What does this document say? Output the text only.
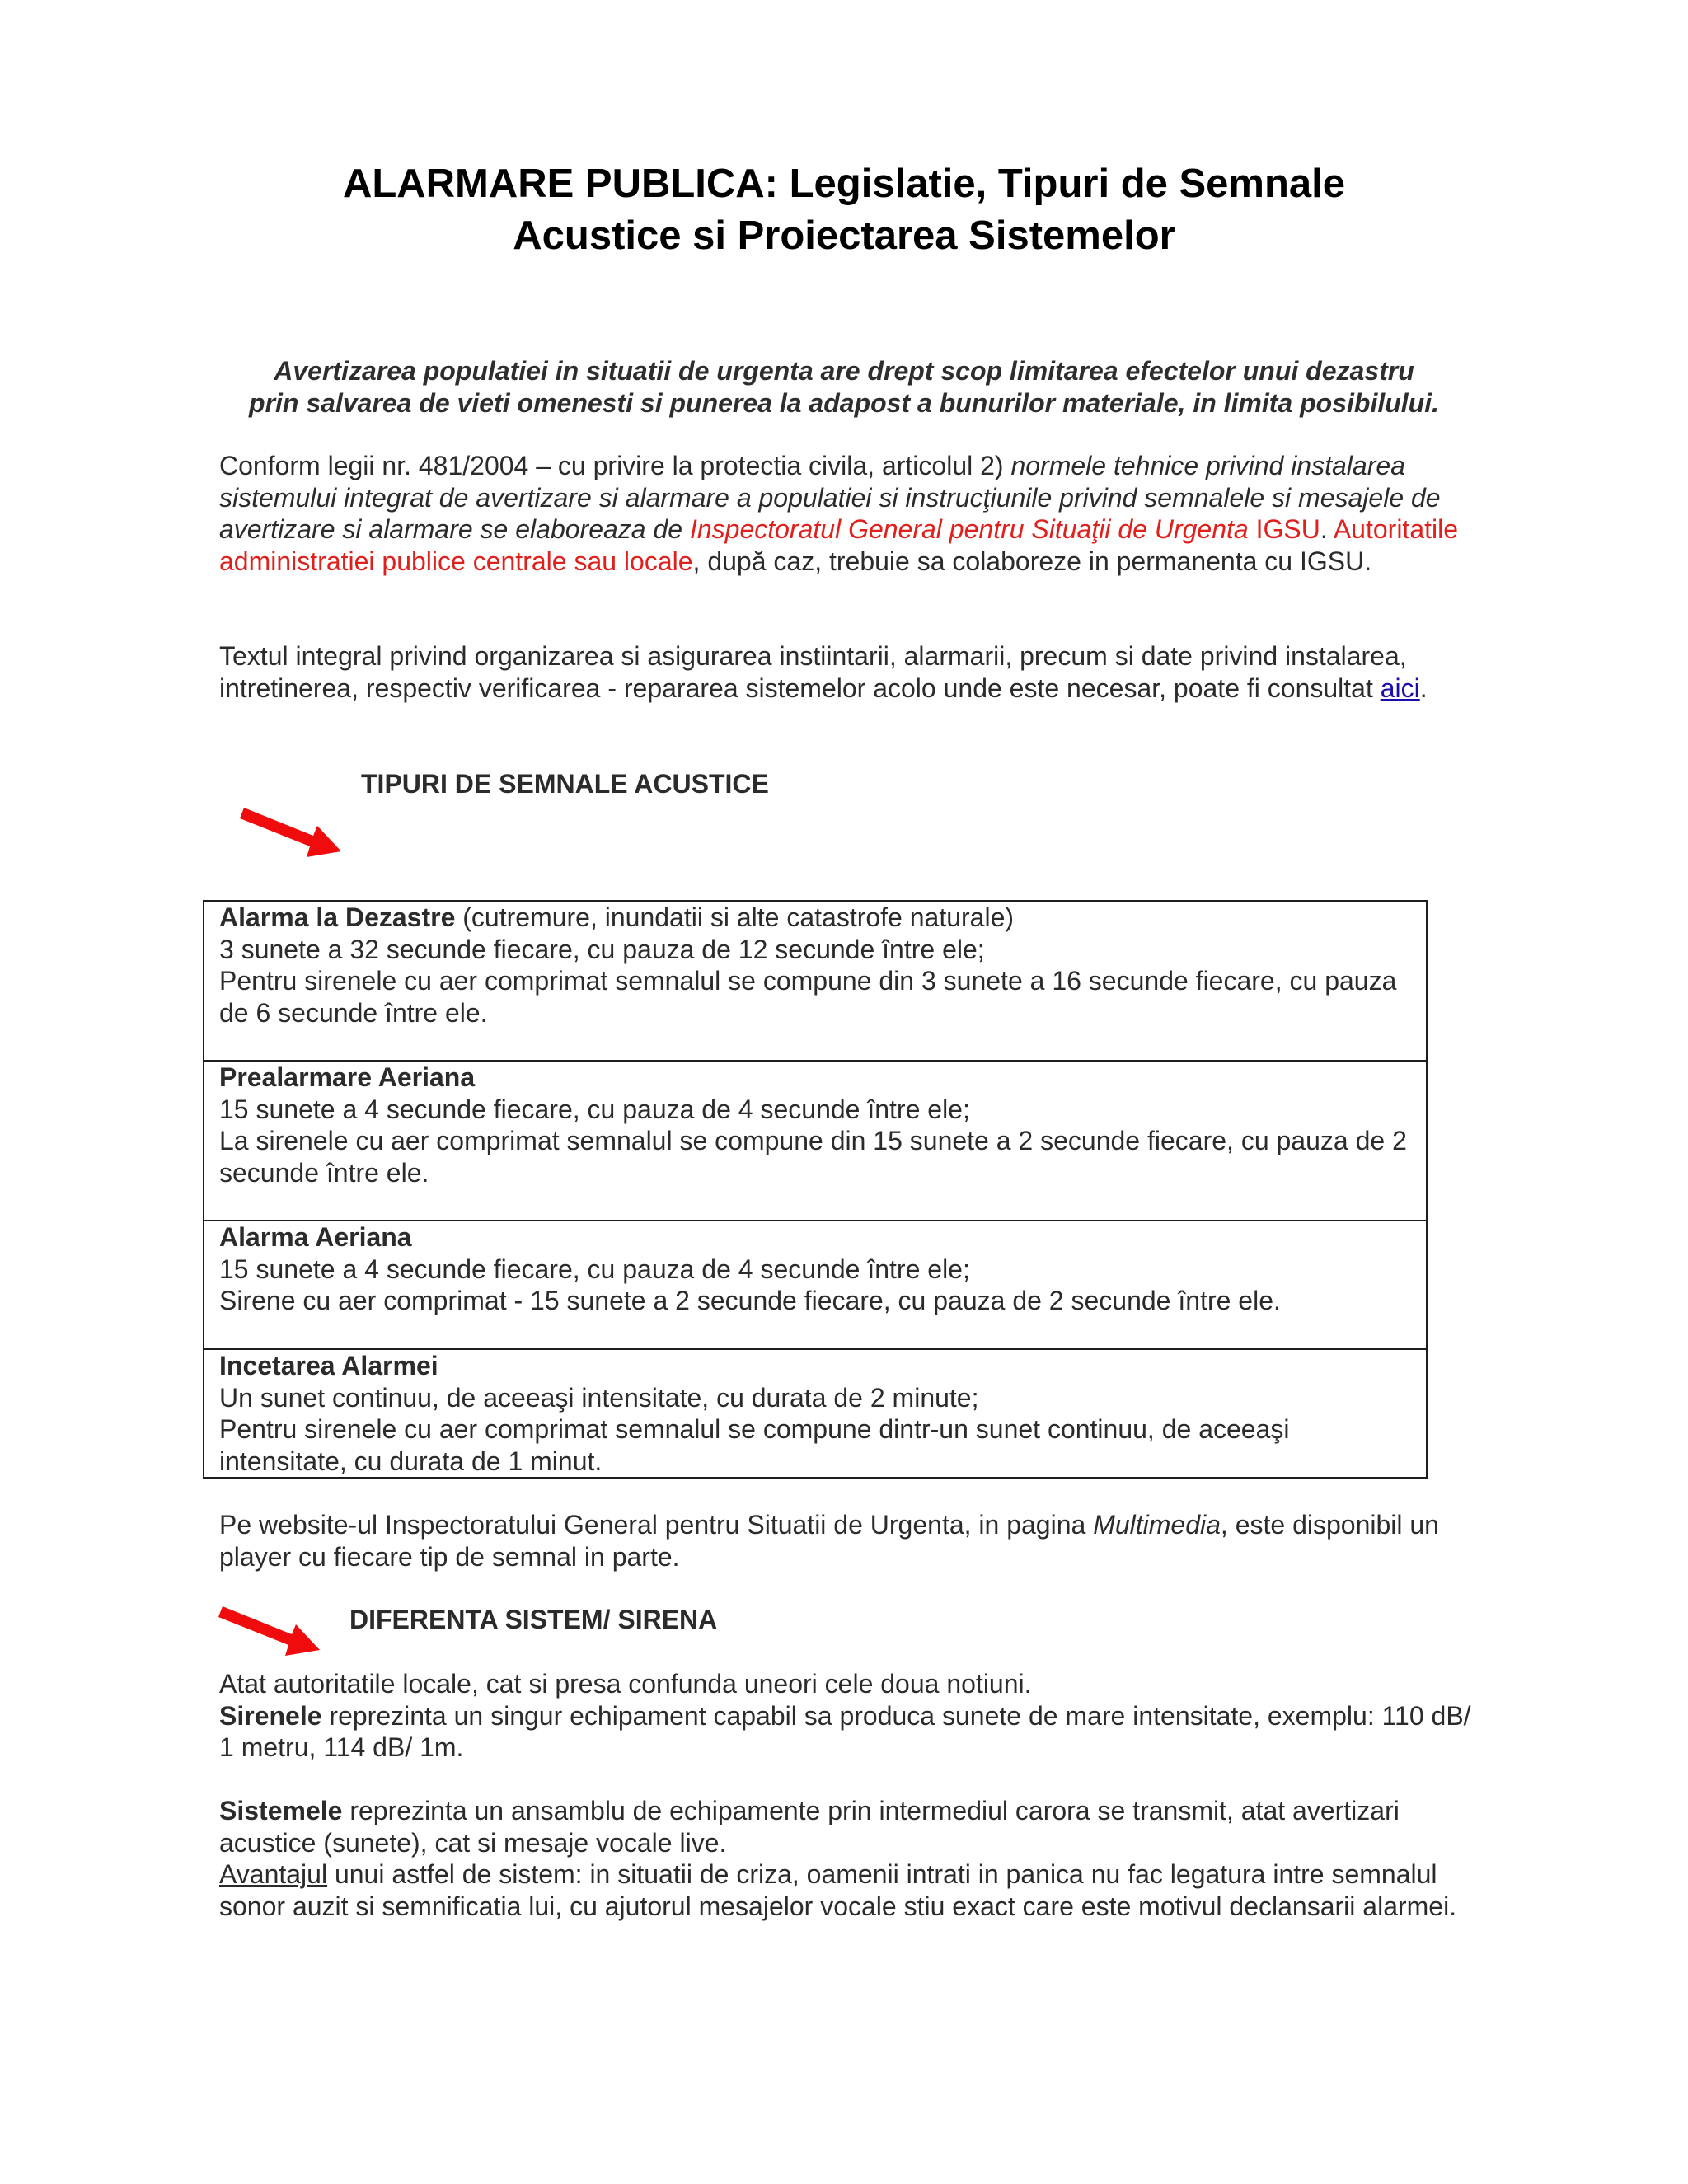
ALARMARE PUBLICA: Legislatie, Tipuri de Semnale
Acustice si Proiectarea Sistemelor
Avertizarea populatiei in situatii de urgenta are drept scop limitarea efectelor unui dezastru
prin salvarea de vieti omenesti si punerea la adapost a bunurilor materiale, in limita posibilului.
Conform legii nr. 481/2004 – cu privire la protectia civila, articolul 2) normele tehnice privind instalarea sistemului integrat de avertizare si alarmare a populatiei si instrucţiunile privind semnalele si mesajele de avertizare si alarmare se elaboreaza de Inspectoratul General pentru Situaţii de Urgenta IGSU. Autoritatile administratiei publice centrale sau locale, după caz, trebuie sa colaboreze in permanenta cu IGSU.
Textul integral privind organizarea si asigurarea instiintarii, alarmarii, precum si date privind instalarea, intretinerea, respectiv verificarea - repararea sistemelor acolo unde este necesar, poate fi consultat aici.
TIPURI DE SEMNALE ACUSTICE
Alarma la Dezastre (cutremure, inundatii si alte catastrofe naturale)
3 sunete a 32 secunde fiecare, cu pauza de 12 secunde între ele;
Pentru sirenele cu aer comprimat semnalul se compune din 3 sunete a 16 secunde fiecare, cu pauza de 6 secunde între ele.

Prealarmare Aeriana
15 sunete a 4 secunde fiecare, cu pauza de 4 secunde între ele;
La sirenele cu aer comprimat semnalul se compune din 15 sunete a 2 secunde fiecare, cu pauza de 2 secunde între ele.

Alarma Aeriana
15 sunete a 4 secunde fiecare, cu pauza de 4 secunde între ele;
Sirene cu aer comprimat - 15 sunete a 2 secunde fiecare, cu pauza de 2 secunde între ele.

Incetarea Alarmei
Un sunet continuu, de aceeaşi intensitate, cu durata de 2 minute;
Pentru sirenele cu aer comprimat semnalul se compune dintr-un sunet continuu, de aceeaşi intensitate, cu durata de 1 minut.
Pe website-ul Inspectoratului General pentru Situatii de Urgenta, in pagina Multimedia, este disponibil un player cu fiecare tip de semnal in parte.
DIFERENTA SISTEM/ SIRENA
Atat autoritatile locale, cat si presa confunda uneori cele doua notiuni.
Sirenele reprezinta un singur echipament capabil sa produca sunete de mare intensitate, exemplu: 110 dB/ 1 metru, 114 dB/ 1m.
Sistemele reprezinta un ansamblu de echipamente prin intermediul carora se transmit, atat avertizari acustice (sunete), cat si mesaje vocale live.
Avantajul unui astfel de sistem: in situatii de criza, oamenii intrati in panica nu fac legatura intre semnalul sonor auzit si semnificatia lui, cu ajutorul mesajelor vocale stiu exact care este motivul declansarii alarmei.
